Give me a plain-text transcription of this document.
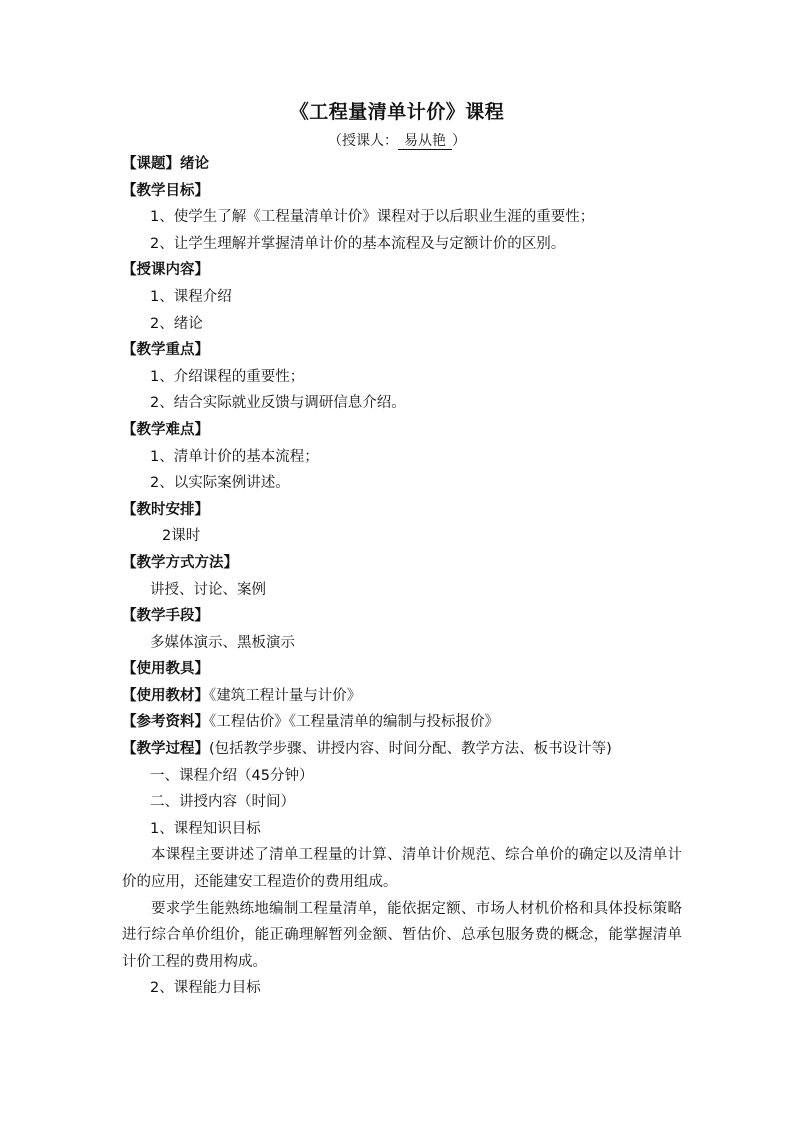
《工程量清单计价》课程
（授课人： 易从艳 ）
【课题】绪论
【教学目标】
1、使学生了解《工程量清单计价》课程对于以后职业生涯的重要性；
2、让学生理解并掌握清单计价的基本流程及与定额计价的区别。
【授课内容】
1、课程介绍
2、绪论
【教学重点】
1、介绍课程的重要性；
2、结合实际就业反馈与调研信息介绍。
【教学难点】
1、清单计价的基本流程；
2、以实际案例讲述。
【教时安排】
2课时
【教学方式方法】
讲授、讨论、案例
【教学手段】
多媒体演示、黑板演示
【使用教具】
【使用教材】《建筑工程计量与计价》
【参考资料】《工程估价》《工程量清单的编制与投标报价》
【教学过程】(包括教学步骤、讲授内容、时间分配、教学方法、板书设计等)
一、课程介绍（45分钟）
二、讲授内容（时间）
1、课程知识目标
本课程主要讲述了清单工程量的计算、清单计价规范、综合单价的确定以及清单计价的应用，还能建安工程造价的费用组成。
要求学生能熟练地编制工程量清单，能依据定额、市场人材机价格和具体投标策略进行综合单价组价，能正确理解暂列金额、暂估价、总承包服务费的概念，能掌握清单计价工程的费用构成。
2、课程能力目标
